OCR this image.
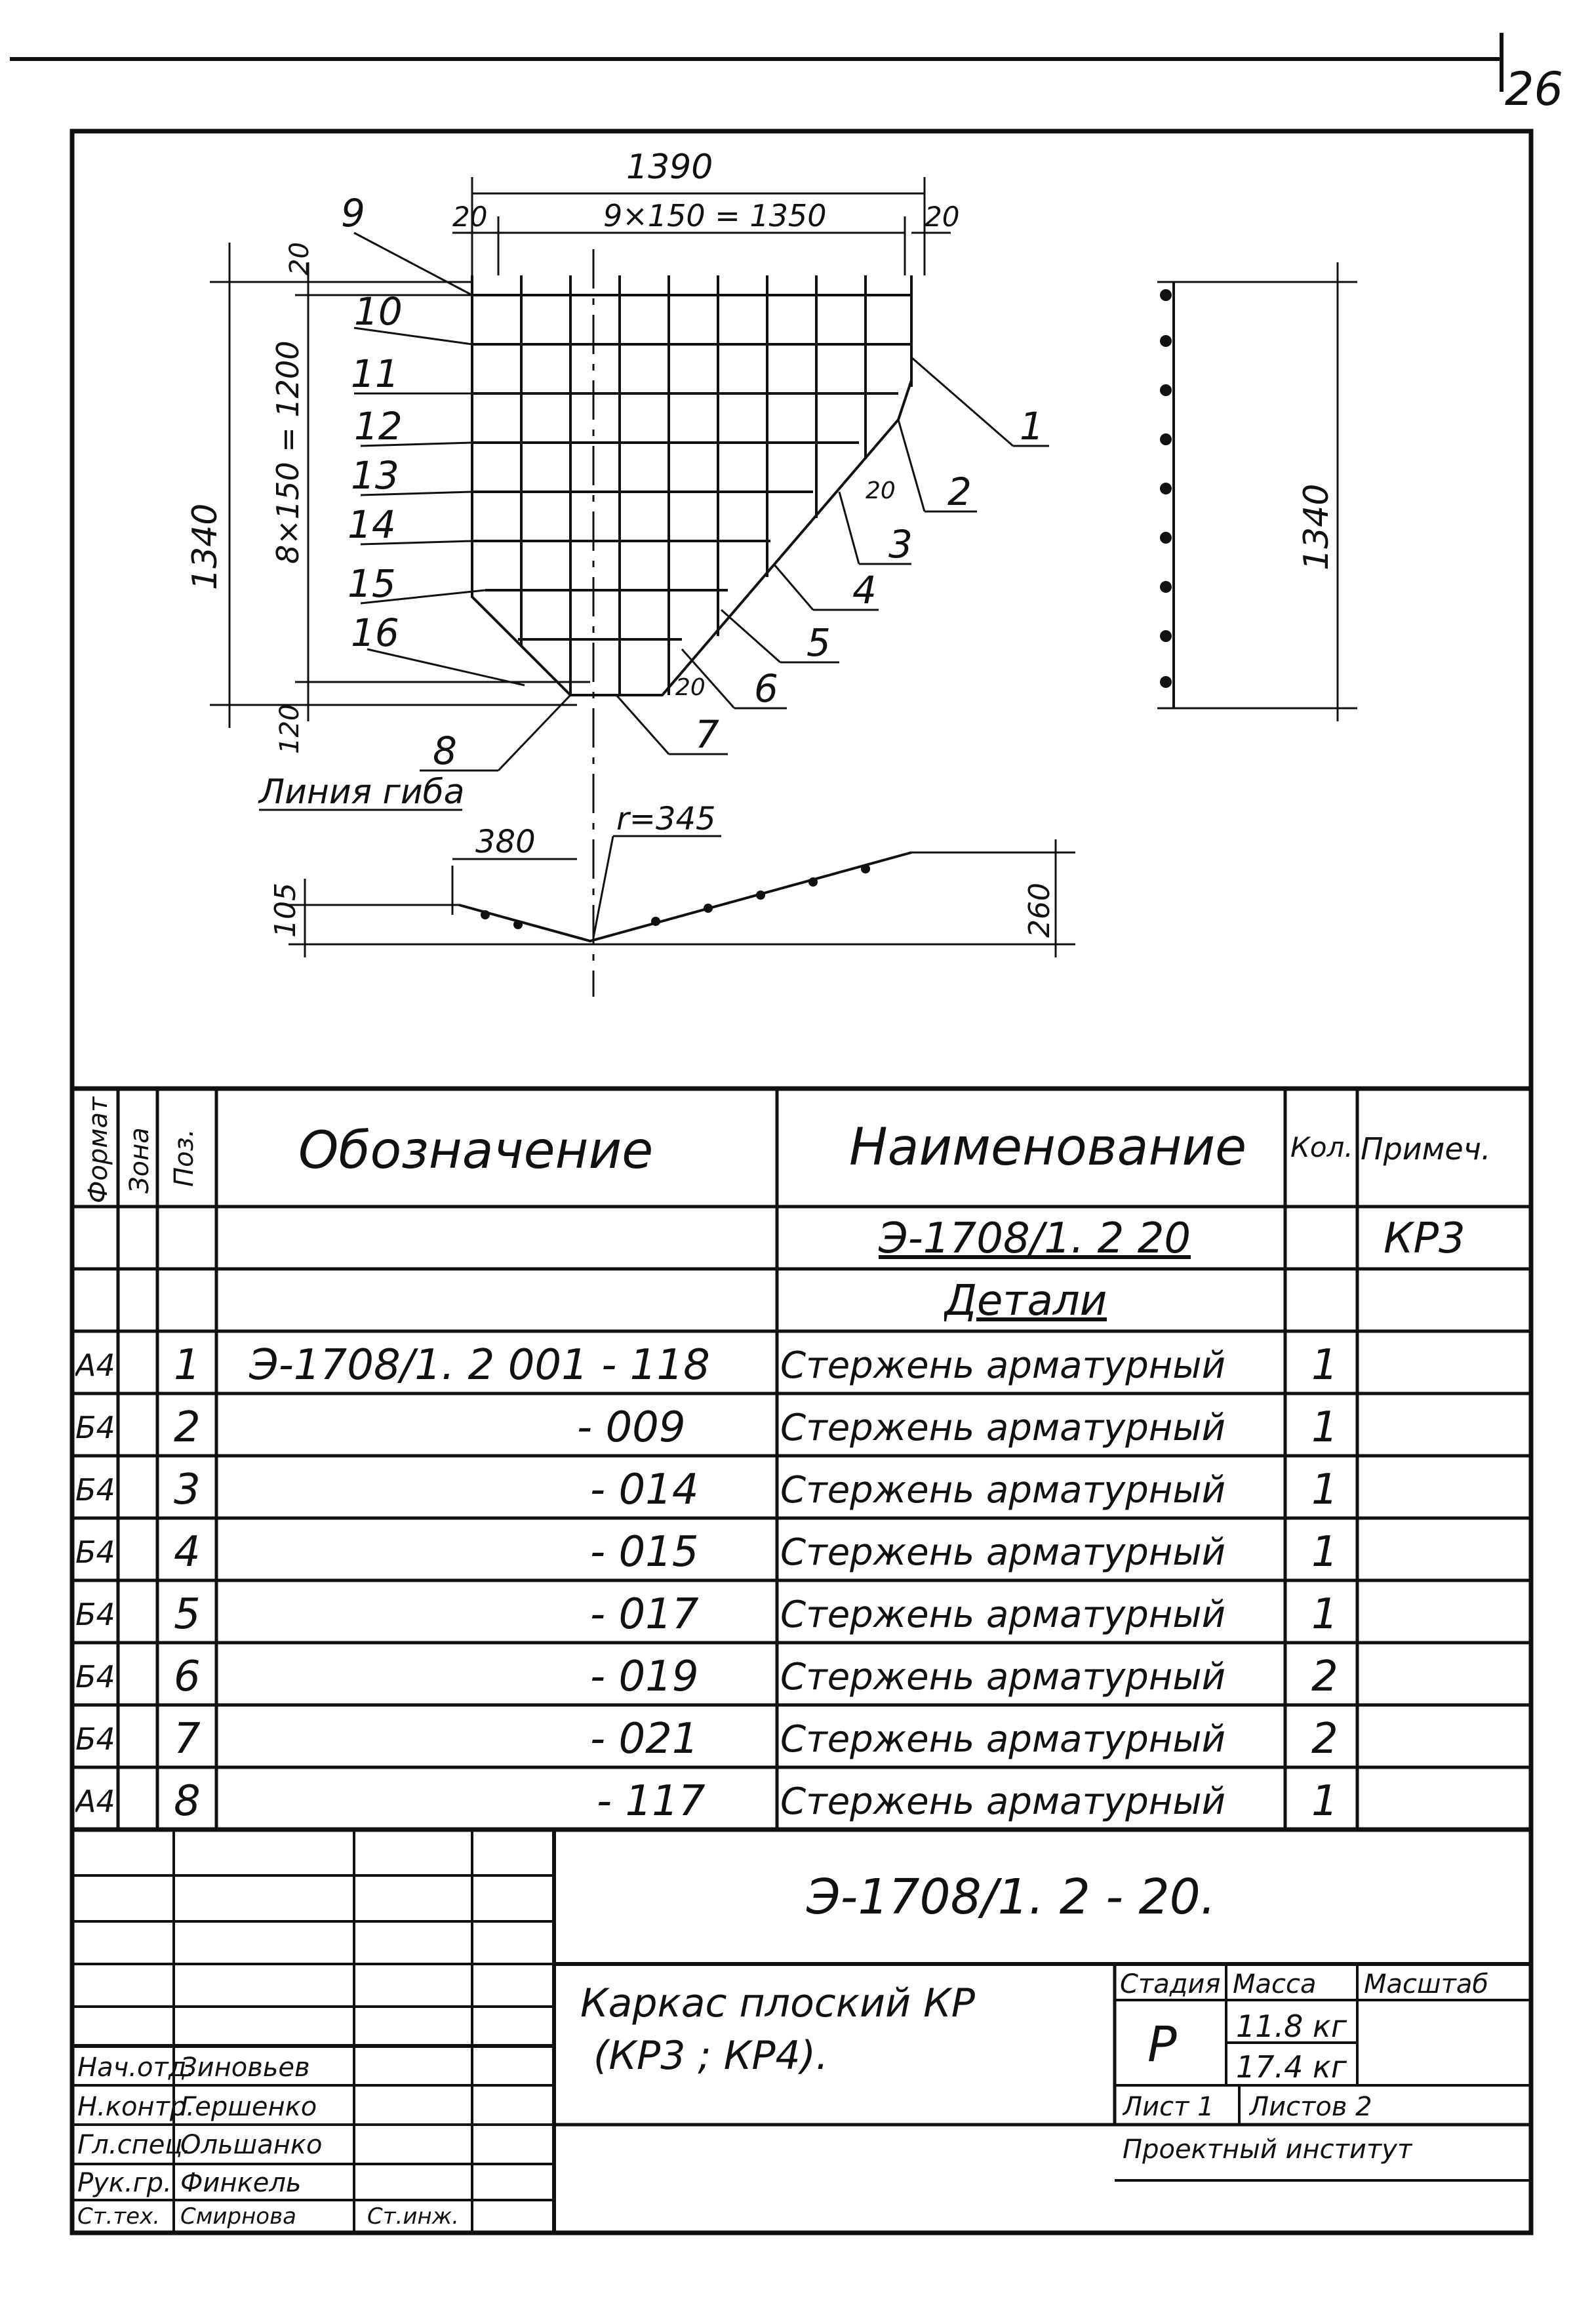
26
1390
9×150 = 1350
20	20
1340 8×150 = 1200
20
120
20
20
1
2
3
4
5
6
7
8
9
10
11
12
13
14
15
16
Линия гиба
1340
380
r=345
105	260
Формат Зона Поз. Обозначение	Наименование Кол. Примеч.
Э-1708/1. 2 20	КР3
Детали
А4 1 Э-1708/1. 2 001 - 118 Стержень арматурный 1
Б4 2	- 009	Стержень арматурный 1
Б4 3	- 014 Стержень арматурный 1
Б4 4	- 015 Стержень арматурный 1
Б4 5	- 017 Стержень арматурный 1
Б4 6	- 019 Стержень арматурный 2
Б4 7	- 021 Стержень арматурный 2
А4 8	- 117 Стержень арматурный 1
Э-1708/1. 2 - 20.
Каркас плоский КР
(КР3 ; КР4).
Стадия Масса Масштаб
Р 11.8 кг
17.4 кг
Лист 1 Листов 2
Проектный институт
Нач.отд.
Зиновьев
Н.контр.
Гершенко
Гл.спец.
Ольшанко
Рук.гр. Финкель
Ст.тех. Смирнова	Ст.инж.
